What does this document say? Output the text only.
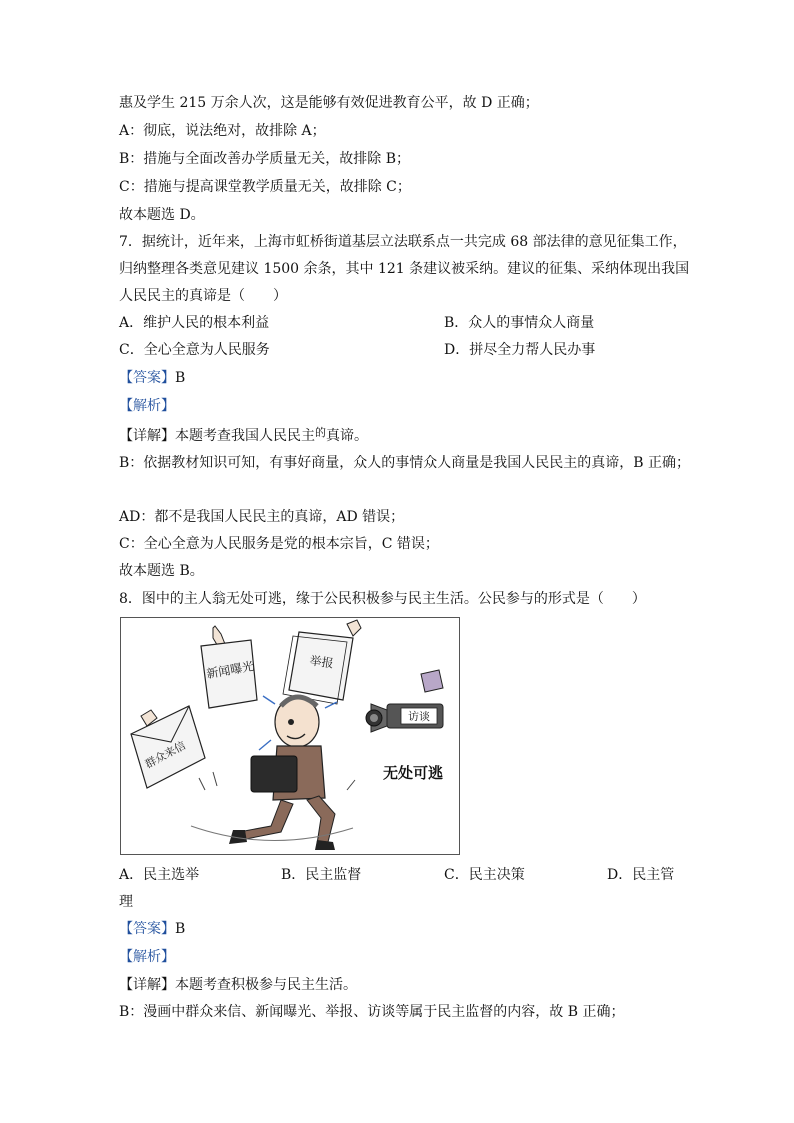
惠及学生 215 万余人次，这是能够有效促进教育公平，故 D 正确；
A：彻底，说法绝对，故排除 A；
B：措施与全面改善办学质量无关，故排除 B；
C：措施与提高课堂教学质量无关，故排除 C；
故本题选 D。
7．据统计，近年来，上海市虹桥街道基层立法联系点一共完成 68 部法律的意见征集工作，
归纳整理各类意见建议 1500 余条，其中 121 条建议被采纳。建议的征集、采纳体现出我国
人民民主的真谛是（　　）
A．维护人民的根本利益	B．众人的事情众人商量
C．全心全意为人民服务	D．拼尽全力帮人民办事
【答案】B
【解析】
【详解】本题考查我国人民民主$^的$真谛。
B：依据教材知识可知，有事好商量，众人的事情众人商量是我国人民民主的真谛，B 正确；
AD：都不是我国人民民主的真谛，AD 错误；
C：全心全意为人民服务是党的根本宗旨，C 错误；
故本题选 B。
8．图中的主人翁无处可逃，缘于公民积极参与民主生活。公民参与的形式是（　　）
新闻曝光	举报
群众来信
访谈
无处可逃
A．民主选举	B．民主监督	C．民主决策	D．民主管
理
【答案】B
【解析】
【详解】本题考查积极参与民主生活。
B：漫画中群众来信、新闻曝光、举报、访谈等属于民主监督的内容，故 B 正确；
